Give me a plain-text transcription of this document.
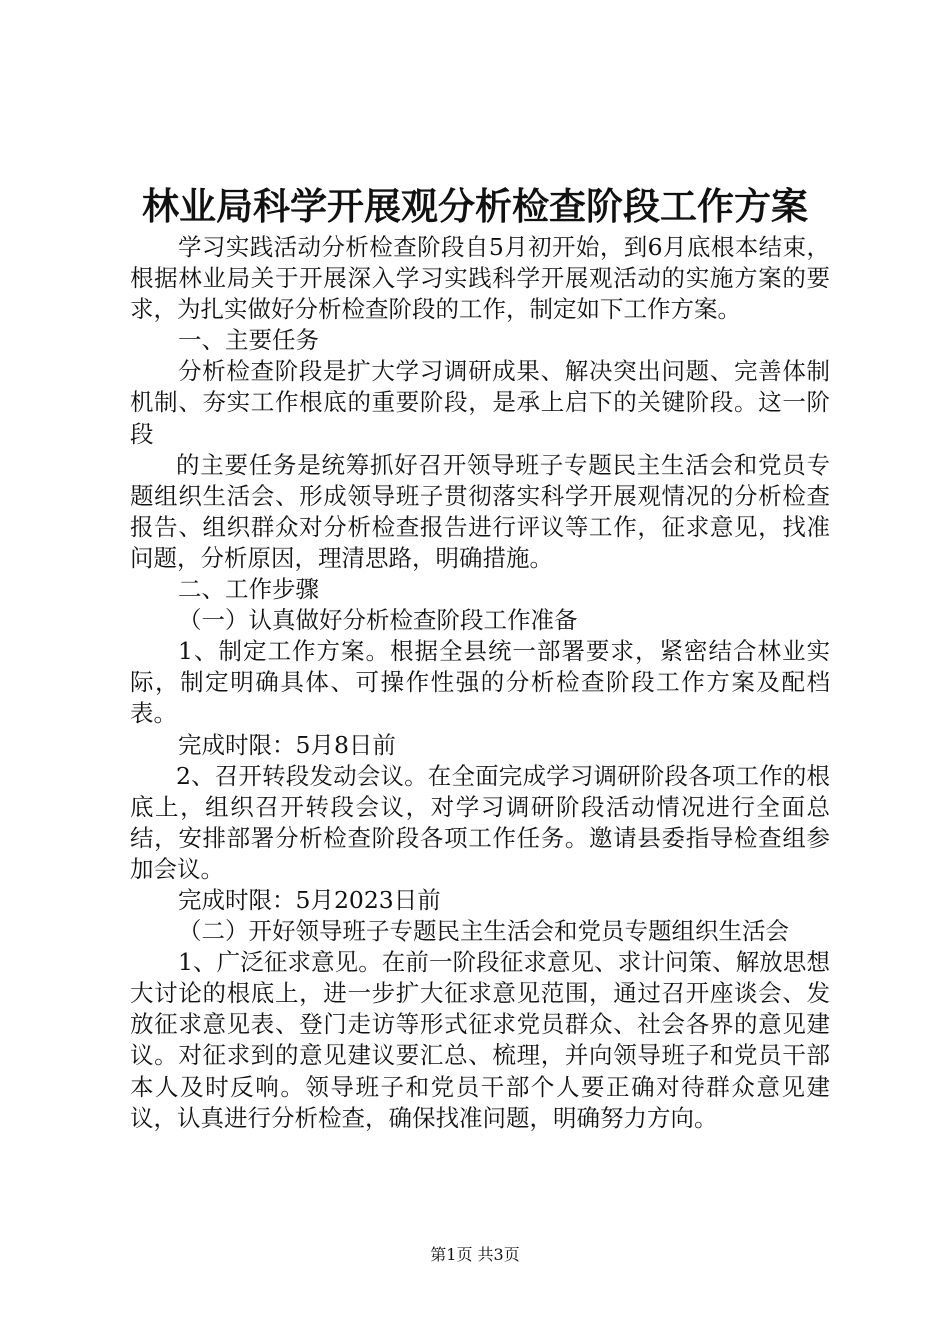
林业局科学开展观分析检查阶段工作方案

学习实践活动分析检查阶段自5月初开始，到6月底根本结束，根据林业局关于开展深入学习实践科学开展观活动的实施方案的要求，为扎实做好分析检查阶段的工作，制定如下工作方案。

一、主要任务

分析检查阶段是扩大学习调研成果、解决突出问题、完善体制机制、夯实工作根底的重要阶段，是承上启下的关键阶段。这一阶段

的主要任务是统筹抓好召开领导班子专题民主生活会和党员专题组织生活会、形成领导班子贯彻落实科学开展观情况的分析检查报告、组织群众对分析检查报告进行评议等工作，征求意见，找准问题，分析原因，理清思路，明确措施。

二、工作步骤

（一）认真做好分析检查阶段工作准备

1、制定工作方案。根据全县统一部署要求，紧密结合林业实际，制定明确具体、可操作性强的分析检查阶段工作方案及配档表。

完成时限：5月8日前

2、召开转段发动会议。在全面完成学习调研阶段各项工作的根底上，组织召开转段会议，对学习调研阶段活动情况进行全面总结，安排部署分析检查阶段各项工作任务。邀请县委指导检查组参加会议。

完成时限：5月2023日前

（二）开好领导班子专题民主生活会和党员专题组织生活会

1、广泛征求意见。在前一阶段征求意见、求计问策、解放思想大讨论的根底上，进一步扩大征求意见范围，通过召开座谈会、发放征求意见表、登门走访等形式征求党员群众、社会各界的意见建议。对征求到的意见建议要汇总、梳理，并向领导班子和党员干部本人及时反响。领导班子和党员干部个人要正确对待群众意见建议，认真进行分析检查，确保找准问题，明确努力方向。

第1页 共3页
